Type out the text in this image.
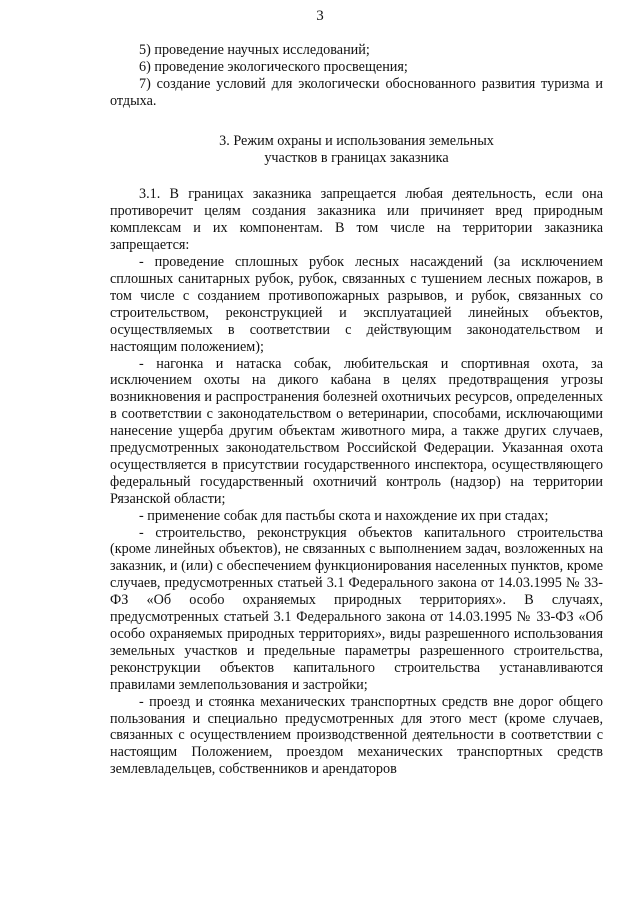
3

5) проведение научных исследований;

6) проведение экологического просвещения;

7) создание условий для экологически обоснованного развития туризма и отдыха.

3. Режим охраны и использования земельных
участков в границах заказника

3.1. В границах заказника запрещается любая деятельность, если она противоречит целям создания заказника или причиняет вред природным комплексам и их компонентам. В том числе на территории заказника запрещается:

- проведение сплошных рубок лесных насаждений (за исключением сплошных санитарных рубок, рубок, связанных с тушением лесных пожаров, в том числе с созданием противопожарных разрывов, и рубок, связанных со строительством, реконструкцией и эксплуатацией линейных объектов, осуществляемых в соответствии с действующим законодательством и настоящим положением);

- нагонка и натаска собак, любительская и спортивная охота, за исключением охоты на дикого кабана в целях предотвращения угрозы возникновения и распространения болезней охотничьих ресурсов, определенных в соответствии с законодательством о ветеринарии, способами, исключающими нанесение ущерба другим объектам животного мира, а также других случаев, предусмотренных законодательством Российской Федерации. Указанная охота осуществляется в присутствии государственного инспектора, осуществляющего федеральный государственный охотничий контроль (надзор) на территории Рязанской области;

- применение собак для пастьбы скота и нахождение их при стадах;

- строительство, реконструкция объектов капитального строительства (кроме линейных объектов), не связанных с выполнением задач, возложенных на заказник, и (или) с обеспечением функционирования населенных пунктов, кроме случаев, предусмотренных статьей 3.1 Федерального закона от 14.03.1995 № 33-ФЗ «Об особо охраняемых природных территориях». В случаях, предусмотренных статьей 3.1 Федерального закона от 14.03.1995 № 33-ФЗ «Об особо охраняемых природных территориях», виды разрешенного использования земельных участков и предельные параметры разрешенного строительства, реконструкции объектов капитального строительства устанавливаются правилами землепользования и застройки;

- проезд и стоянка механических транспортных средств вне дорог общего пользования и специально предусмотренных для этого мест (кроме случаев, связанных с осуществлением производственной деятельности в соответствии с настоящим Положением, проездом механических транспортных средств землевладельцев, собственников и арендаторов
